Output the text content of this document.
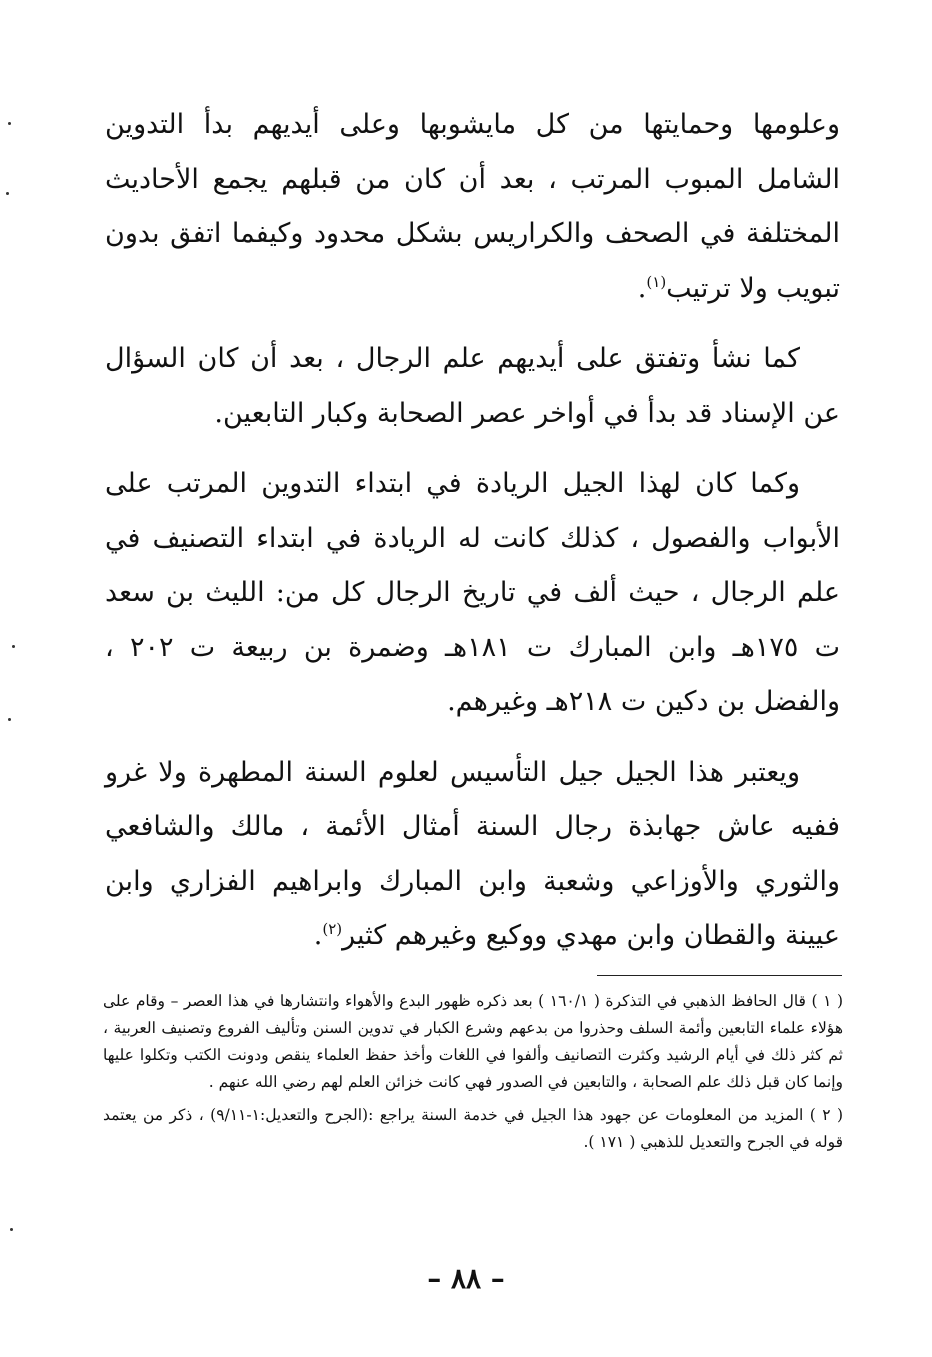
وعلومها وحمايتها من كل مايشوبها وعلى أيديهم بدأ التدوين الشامل المبوب المرتب ، بعد أن كان من قبلهم يجمع الأحاديث المختلفة في الصحف والكراريس بشكل محدود وكيفما اتفق بدون تبويب ولا ترتيب$^{(١)}$.

كما نشأ وتفتق على أيديهم علم الرجال ، بعد أن كان السؤال عن الإسناد قد بدأ في أواخر عصر الصحابة وكبار التابعين.

وكما كان لهذا الجيل الريادة في ابتداء التدوين المرتب على الأبواب والفصول ، كذلك كانت له الريادة في ابتداء التصنيف في علم الرجال ، حيث ألف في تاريخ الرجال كل من: الليث بن سعد ت ١٧٥هـ وابن المبارك ت ١٨١هـ وضمرة بن ربيعة ت ٢٠٢ ، والفضل بن دكين ت ٢١٨هـ وغيرهم.

ويعتبر هذا الجيل جيل التأسيس لعلوم السنة المطهرة ولا غرو ففيه عاش جهابذة رجال السنة أمثال الأئمة ، مالك والشافعي والثوري والأوزاعي وشعبة وابن المبارك وابراهيم الفزاري وابن عيينة والقطان وابن مهدي ووكيع وغيرهم كثير$^{(٢)}$.

( ١ ) قال الحافظ الذهبي في التذكرة ( ١٦٠/١ ) بعد ذكره ظهور البدع والأهواء وانتشارها في هذا العصر – وقام على هؤلاء علماء التابعين وأئمة السلف وحذروا من بدعهم وشرع الكبار في تدوين السنن وتأليف الفروع وتصنيف العربية ، ثم كثر ذلك في أيام الرشيد وكثرت التصانيف وألفوا في اللغات وأخذ حفظ العلماء ينقص ودونت الكتب وتكلوا عليها وإنما كان قبل ذلك علم الصحابة ، والتابعين في الصدور فهي كانت خزائن العلم لهم رضي الله عنهم .

( ٢ ) المزيد من المعلومات عن جهود هذا الجيل في خدمة السنة يراجع :(الجرح والتعديل:١-٩/١١) ، ذكر من يعتمد قوله في الجرح والتعديل للذهبي ( ١٧١ ).

– ٨٨ –
